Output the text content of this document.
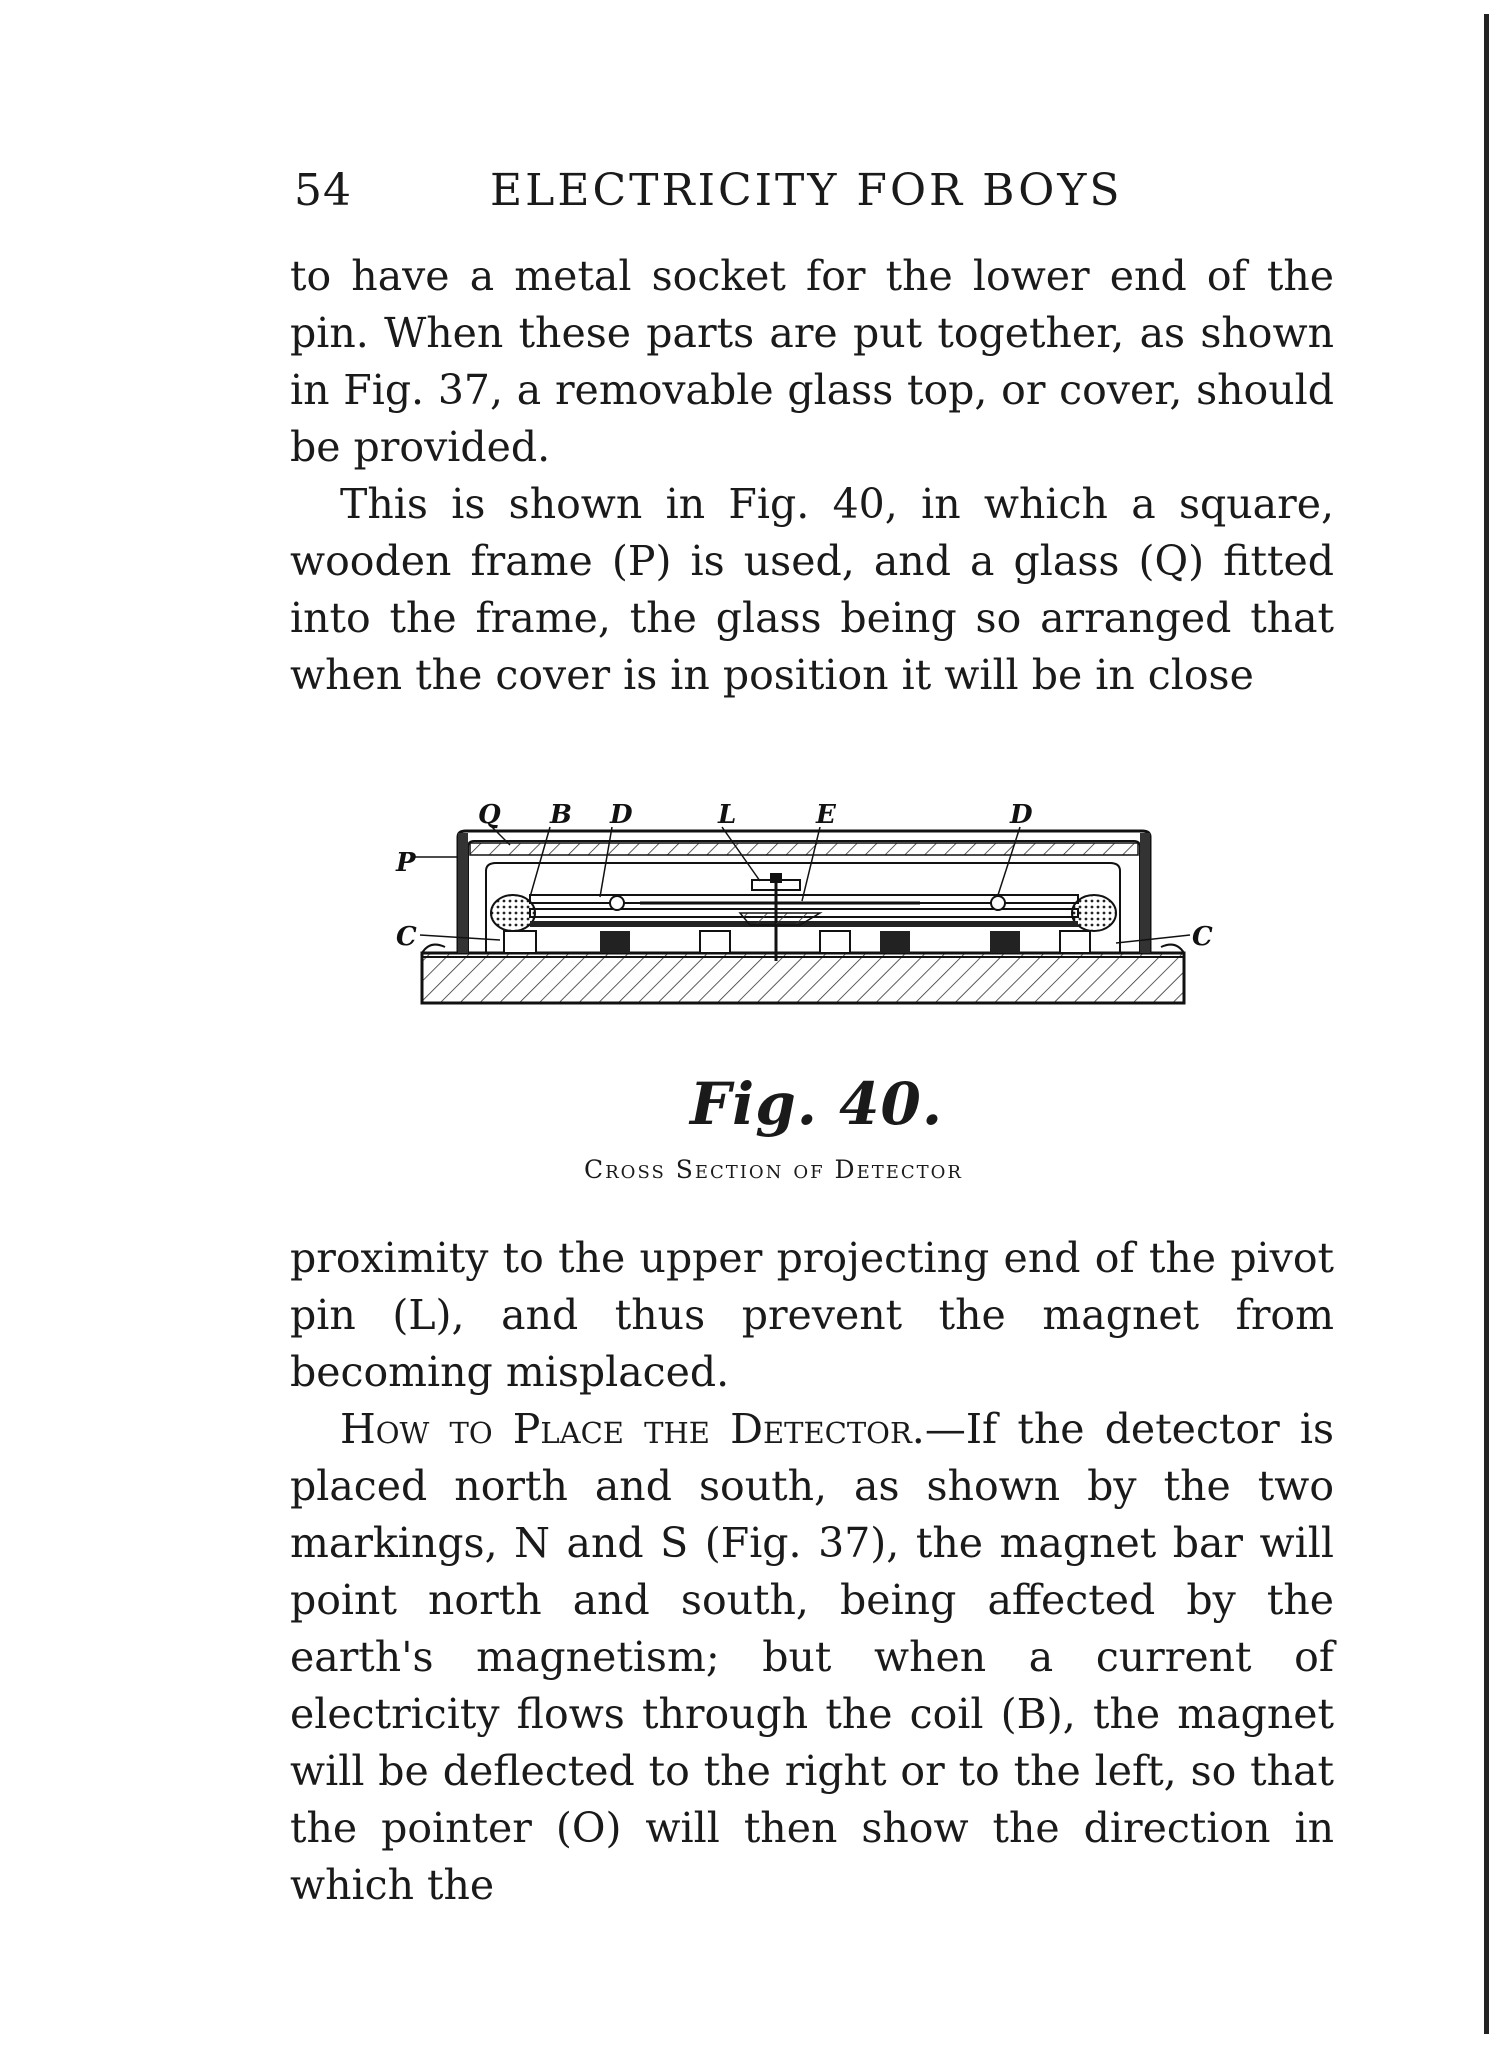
54	ELECTRICITY FOR BOYS

to have a metal socket for the lower end of the pin. When these parts are put together, as shown in Fig. 37, a removable glass top, or cover, should be provided.

This is shown in Fig. 40, in which a square, wooden frame (P) is used, and a glass (Q) fitted into the frame, the glass being so arranged that when the cover is in position it will be in close

Q B D	L	E	D
P
C	C
Fig. 40.
Cross Section of Detector

proximity to the upper projecting end of the pivot pin (L), and thus prevent the magnet from becoming misplaced.

How to Place the Detector.—If the detector is placed north and south, as shown by the two markings, N and S (Fig. 37), the magnet bar will point north and south, being affected by the earth's magnetism; but when a current of electricity flows through the coil (B), the magnet will be deflected to the right or to the left, so that the pointer (O) will then show the direction in which the
